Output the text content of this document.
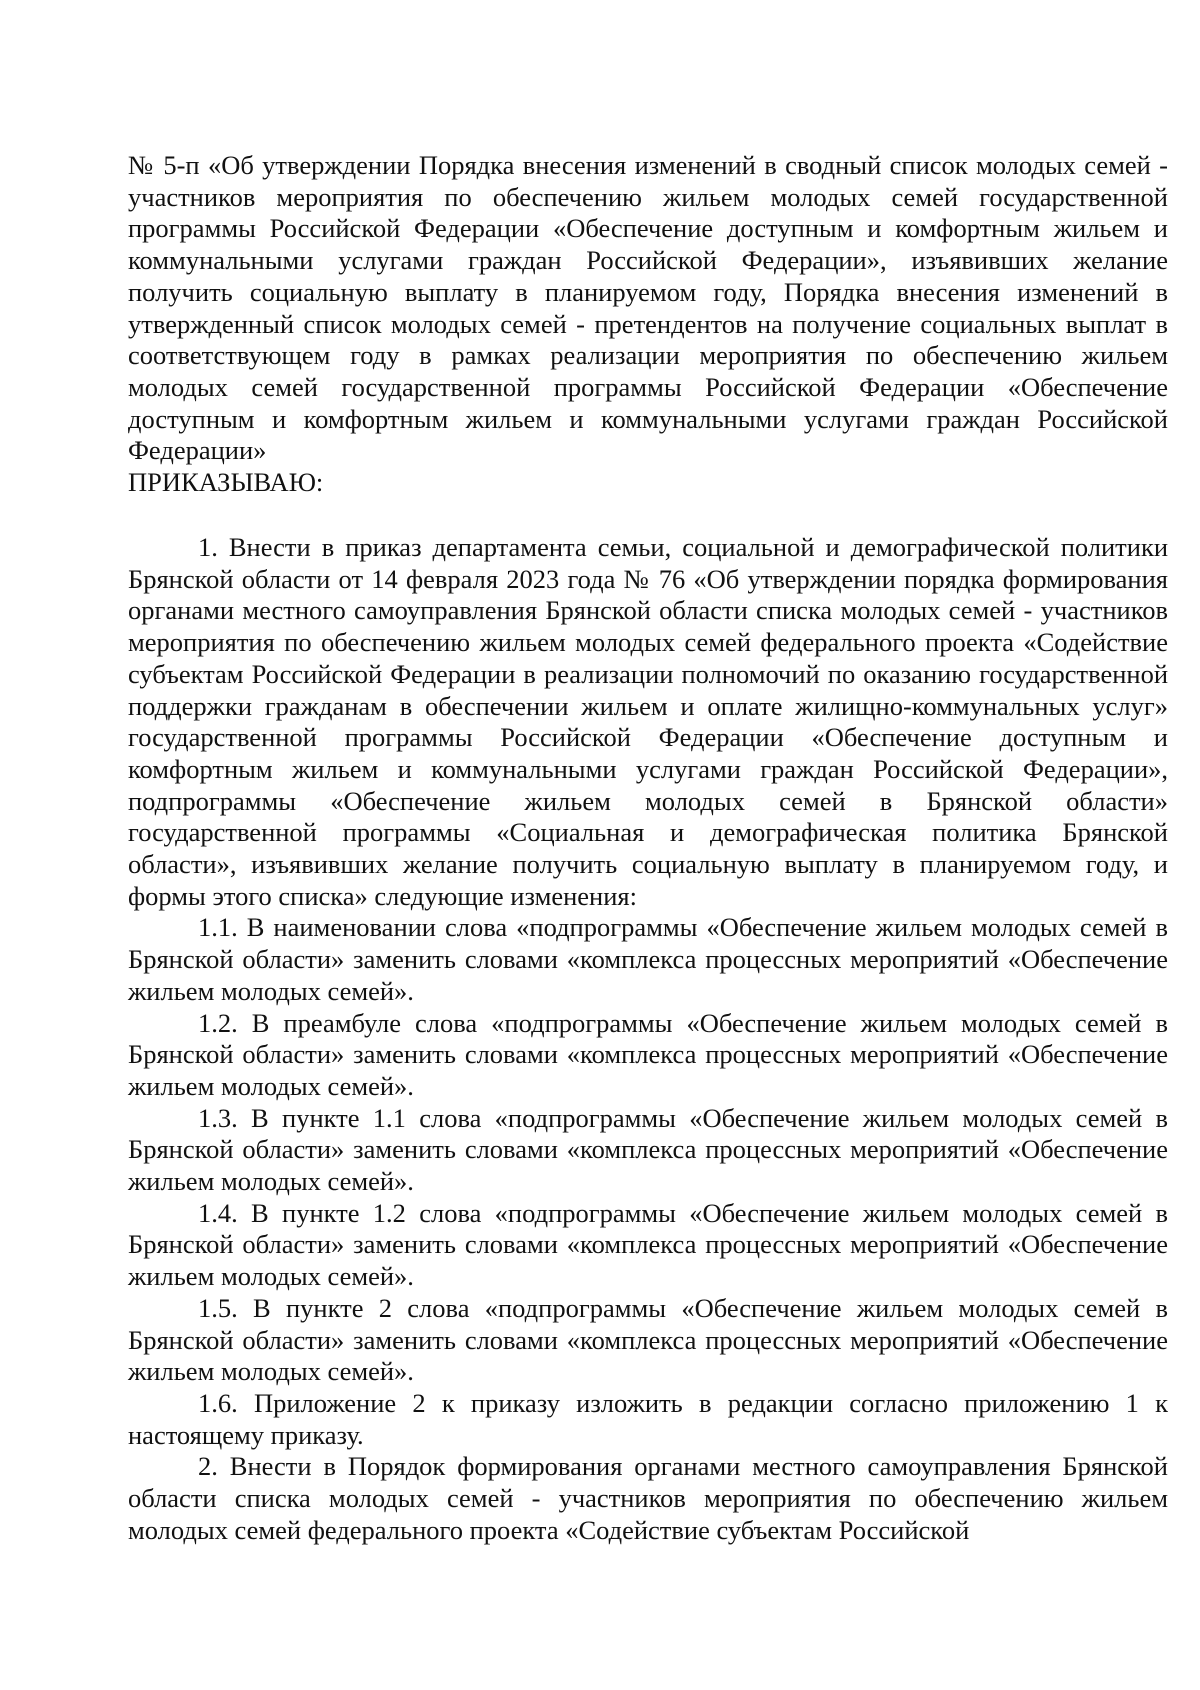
№ 5-п «Об утверждении Порядка внесения изменений в сводный список молодых семей - участников мероприятия по обеспечению жильем молодых семей государственной программы Российской Федерации «Обеспечение доступным и комфортным жильем и коммунальными услугами граждан Российской Федерации», изъявивших желание получить социальную выплату в планируемом году, Порядка внесения изменений в утвержденный список молодых семей - претендентов на получение социальных выплат в соответствующем году в рамках реализации мероприятия по обеспечению жильем молодых семей государственной программы Российской Федерации «Обеспечение доступным и комфортным жильем и коммунальными услугами граждан Российской Федерации»

ПРИКАЗЫВАЮ:

1. Внести в приказ департамента семьи, социальной и демографической политики Брянской области от 14 февраля 2023 года № 76 «Об утверждении порядка формирования органами местного самоуправления Брянской области списка молодых семей - участников мероприятия по обеспечению жильем молодых семей федерального проекта «Содействие субъектам Российской Федерации в реализации полномочий по оказанию государственной поддержки гражданам в обеспечении жильем и оплате жилищно-коммунальных услуг» государственной программы Российской Федерации «Обеспечение доступным и комфортным жильем и коммунальными услугами граждан Российской Федерации», подпрограммы «Обеспечение жильем молодых семей в Брянской области» государственной программы «Социальная и демографическая политика Брянской области», изъявивших желание получить социальную выплату в планируемом году, и формы этого списка» следующие изменения:

1.1. В наименовании слова «подпрограммы «Обеспечение жильем молодых семей в Брянской области» заменить словами «комплекса процессных мероприятий «Обеспечение жильем молодых семей».

1.2. В преамбуле слова «подпрограммы «Обеспечение жильем молодых семей в Брянской области» заменить словами «комплекса процессных мероприятий «Обеспечение жильем молодых семей».

1.3. В пункте 1.1 слова «подпрограммы «Обеспечение жильем молодых семей в Брянской области» заменить словами «комплекса процессных мероприятий «Обеспечение жильем молодых семей».

1.4. В пункте 1.2 слова «подпрограммы «Обеспечение жильем молодых семей в Брянской области» заменить словами «комплекса процессных мероприятий «Обеспечение жильем молодых семей».

1.5. В пункте 2 слова «подпрограммы «Обеспечение жильем молодых семей в Брянской области» заменить словами «комплекса процессных мероприятий «Обеспечение жильем молодых семей».

1.6. Приложение 2 к приказу изложить в редакции согласно приложению 1 к настоящему приказу.

2. Внести в Порядок формирования органами местного самоуправления Брянской области списка молодых семей - участников мероприятия по обеспечению жильем молодых семей федерального проекта «Содействие субъектам Российской
